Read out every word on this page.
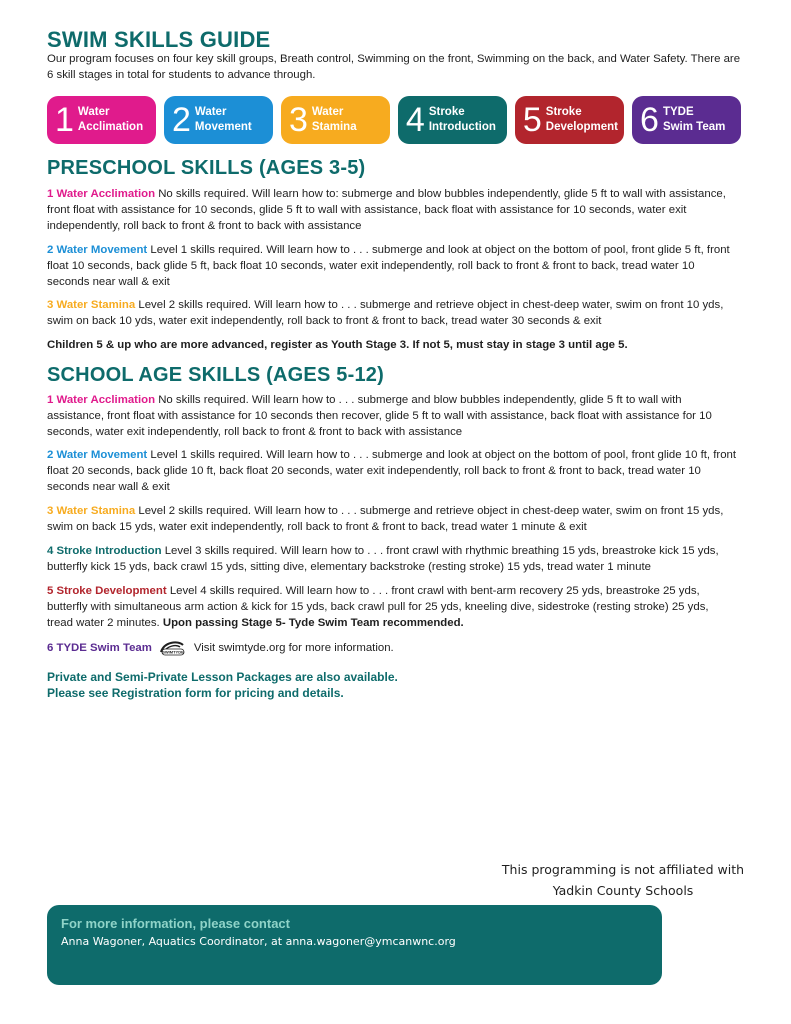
SWIM SKILLS GUIDE

Our program focuses on four key skill groups, Breath control, Swimming on the front, Swimming on the back, and Water Safety. There are 6 skill stages in total for students to advance through.

1 Water
Acclimation 2 Water
Movement 3 Water
Stamina 4 Stroke
Introduction 5 Stroke
Development 6 TYDE
Swim Team
PRESCHOOL SKILLS (AGES 3-5)

1 Water Acclimation No skills required. Will learn how to: submerge and blow bubbles independently, glide 5 ft to wall with assistance, front float with assistance for 10 seconds, glide 5 ft to wall with assistance, back float with assistance for 10 seconds, water exit independently, roll back to front & front to back with assistance

2 Water Movement Level 1 skills required. Will learn how to . . . submerge and look at object on the bottom of pool, front glide 5 ft, front float 10 seconds, back glide 5 ft, back float 10 seconds, water exit independently, roll back to front & front to back, tread water 10 seconds near wall & exit

3 Water Stamina Level 2 skills required. Will learn how to . . . submerge and retrieve object in chest-deep water, swim on front 10 yds, swim on back 10 yds, water exit independently, roll back to front & front to back, tread water 30 seconds & exit

Children 5 & up who are more advanced, register as Youth Stage 3. If not 5, must stay in stage 3 until age 5.

SCHOOL AGE SKILLS (AGES 5-12)

1 Water Acclimation No skills required. Will learn how to . . . submerge and blow bubbles independently, glide 5 ft to wall with assistance, front float with assistance for 10 seconds then recover, glide 5 ft to wall with assistance, back float with assistance for 10 seconds, water exit independently, roll back to front & front to back with assistance

2 Water Movement Level 1 skills required. Will learn how to . . . submerge and look at object on the bottom of pool, front glide 10 ft, front float 20 seconds, back glide 10 ft, back float 20 seconds, water exit independently, roll back to front & front to back, tread water 10 seconds near wall & exit

3 Water Stamina Level 2 skills required. Will learn how to . . . submerge and retrieve object in chest-deep water, swim on front 15 yds, swim on back 15 yds, water exit independently, roll back to front & front to back, tread water 1 minute & exit

4 Stroke Introduction Level 3 skills required. Will learn how to . . . front crawl with rhythmic breathing 15 yds, breastroke kick 15 yds, butterfly kick 15 yds, back crawl 15 yds, sitting dive, elementary backstroke (resting stroke) 15 yds, tread water 1 minute

5 Stroke Development Level 4 skills required. Will learn how to . . . front crawl with bent-arm recovery 25 yds, breastroke 25 yds, butterfly with simultaneous arm action & kick for 15 yds, back crawl pull for 25 yds, kneeling dive, sidestroke (resting stroke) 25 yds, tread water 2 minutes. Upon passing Stage 5- Tyde Swim Team recommended.

6 TYDE Swim Team	SWIMTYDE Visit swimtyde.org for more information.

Private and Semi-Private Lesson Packages are also available.
Please see Registration form for pricing and details.

This programming is not affiliated with
Yadkin County Schools

For more information, please contact

Anna Wagoner, Aquatics Coordinator, at anna.wagoner@ymcanwnc.org
